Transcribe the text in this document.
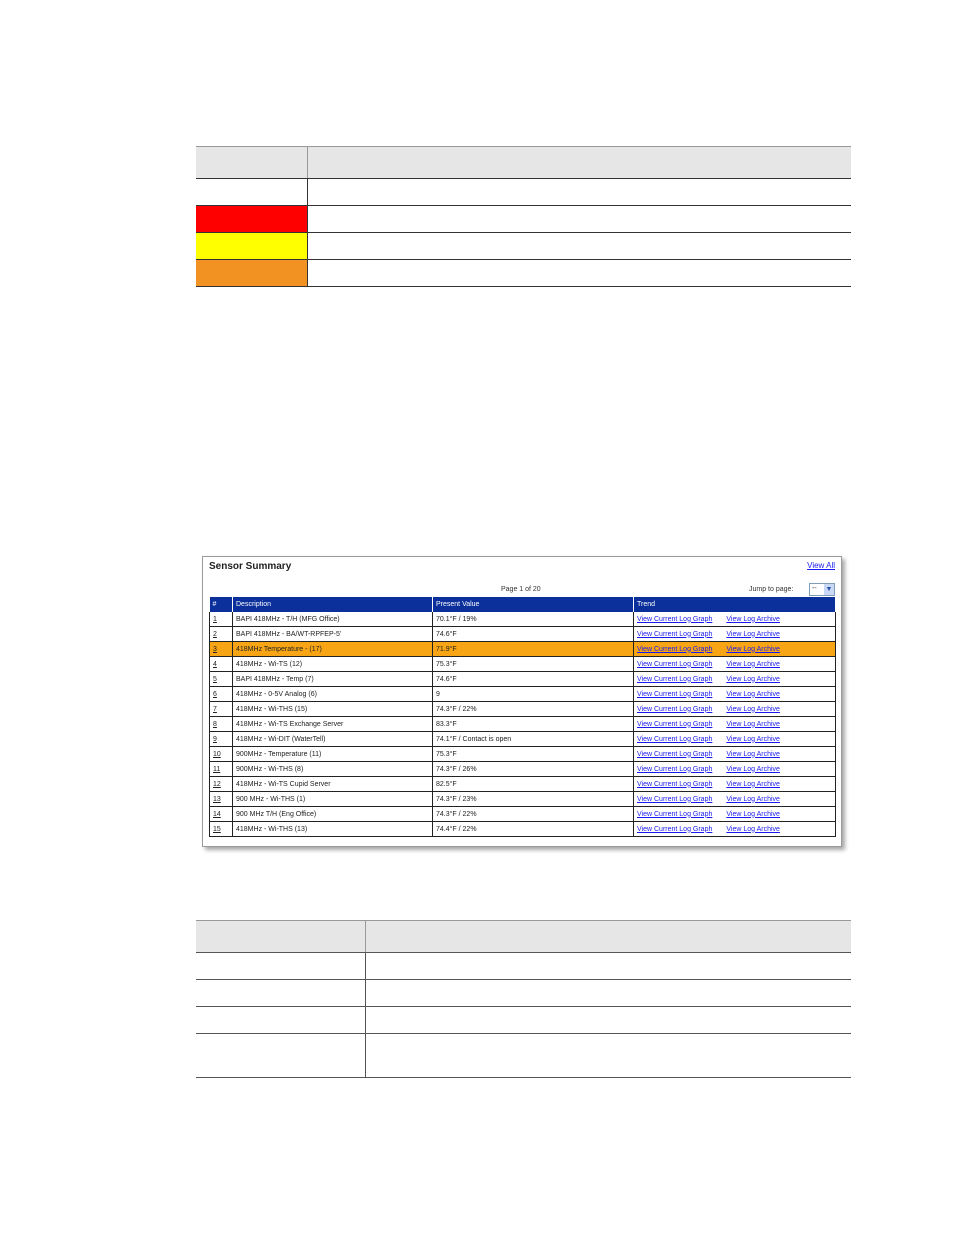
Sensor Summary	View All
Page 1 of 20	Jump to page:	-- ▼
#	Description	Present Value	Trend
1	BAPI 418MHz - T/H (MFG Office)	70.1°F / 19%	View Current Log Graph View Log Archive
2	BAPI 418MHz - BA/WT-RPFEP-5'	74.6°F	View Current Log Graph View Log Archive
3	418MHz Temperature - (17)	71.9°F	View Current Log Graph View Log Archive
4	418MHz - Wi-TS (12)	75.3°F	View Current Log Graph View Log Archive
5	BAPI 418MHz - Temp (7)	74.6°F	View Current Log Graph View Log Archive
6	418MHz - 0-5V Analog (6)	9	View Current Log Graph View Log Archive
7	418MHz - Wi-THS (15)	74.3°F / 22%	View Current Log Graph View Log Archive
8	418MHz - Wi-TS Exchange Server	83.3°F	View Current Log Graph View Log Archive
9	418MHz - Wi-DIT (WaterTell)	74.1°F / Contact is open	View Current Log Graph View Log Archive
10	900MHz - Temperature (11)	75.3°F	View Current Log Graph View Log Archive
11	900MHz - Wi-THS (8)	74.3°F / 26%	View Current Log Graph View Log Archive
12	418MHz - Wi-TS Cupid Server	82.5°F	View Current Log Graph View Log Archive
13	900 MHz - Wi-THS (1)	74.3°F / 23%	View Current Log Graph View Log Archive
14	900 MHz T/H (Eng Office)	74.3°F / 22%	View Current Log Graph View Log Archive
15	418MHz - Wi-THS (13)	74.4°F / 22%	View Current Log Graph View Log Archive
